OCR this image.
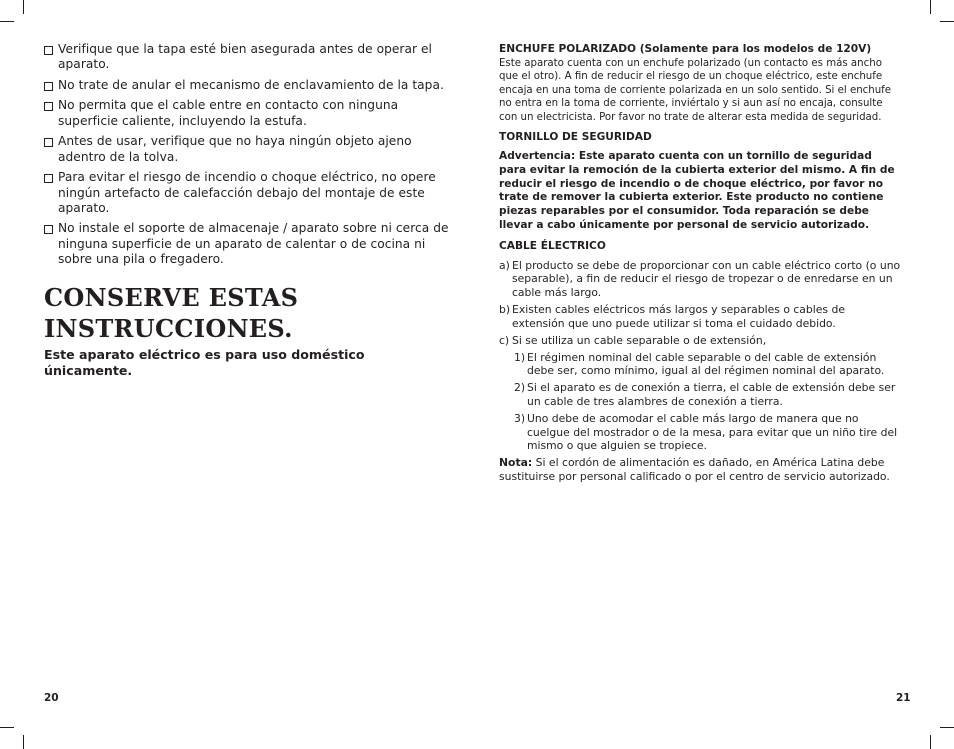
Verifique que la tapa esté bien asegurada antes de operar el aparato.
No trate de anular el mecanismo de enclavamiento de la tapa.
No permita que el cable entre en contacto con ninguna superficie caliente, incluyendo la estufa.
Antes de usar, verifique que no haya ningún objeto ajeno adentro de la tolva.
Para evitar el riesgo de incendio o choque eléctrico, no opere ningún artefacto de calefacción debajo del montaje de este aparato.
No instale el soporte de almacenaje / aparato sobre ni cerca de ninguna superficie de un aparato de calentar o de cocina ni sobre una pila o fregadero.
CONSERVE ESTAS
INSTRUCCIONES.

Este aparato eléctrico es para uso doméstico únicamente.

ENCHUFE POLARIZADO (Solamente para los modelos de 120V)

Este aparato cuenta con un enchufe polarizado (un contacto es más ancho que el otro). A fin de reducir el riesgo de un choque eléctrico, este enchufe encaja en una toma de corriente polarizada en un solo sentido. Si el enchufe no entra en la toma de corriente, inviértalo y si aun así no encaja, consulte con un electricista. Por favor no trate de alterar esta medida de seguridad.

TORNILLO DE SEGURIDAD

Advertencia: Este aparato cuenta con un tornillo de seguridad para evitar la remoción de la cubierta exterior del mismo. A fin de reducir el riesgo de incendio o de choque eléctrico, por favor no trate de remover la cubierta exterior. Este producto no contiene piezas reparables por el consumidor. Toda reparación se debe llevar a cabo únicamente por personal de servicio autorizado.

CABLE ÉLECTRICO

a) El producto se debe de proporcionar con un cable eléctrico corto (o uno separable), a fin de reducir el riesgo de tropezar o de enredarse en un cable más largo.
b) Existen cables eléctricos más largos y separables o cables de extensión que uno puede utilizar si toma el cuidado debido.
c) Si se utiliza un cable separable o de extensión,
1) El régimen nominal del cable separable o del cable de extensión debe ser, como mínimo, igual al del régimen nominal del aparato.
2) Si el aparato es de conexión a tierra, el cable de extensión debe ser un cable de tres alambres de conexión a tierra.
3) Uno debe de acomodar el cable más largo de manera que no cuelgue del mostrador o de la mesa, para evitar que un niño tire del mismo o que alguien se tropiece.

Nota: Si el cordón de alimentación es dañado, en América Latina debe sustituirse por personal calificado o por el centro de servicio autorizado.

20	21
